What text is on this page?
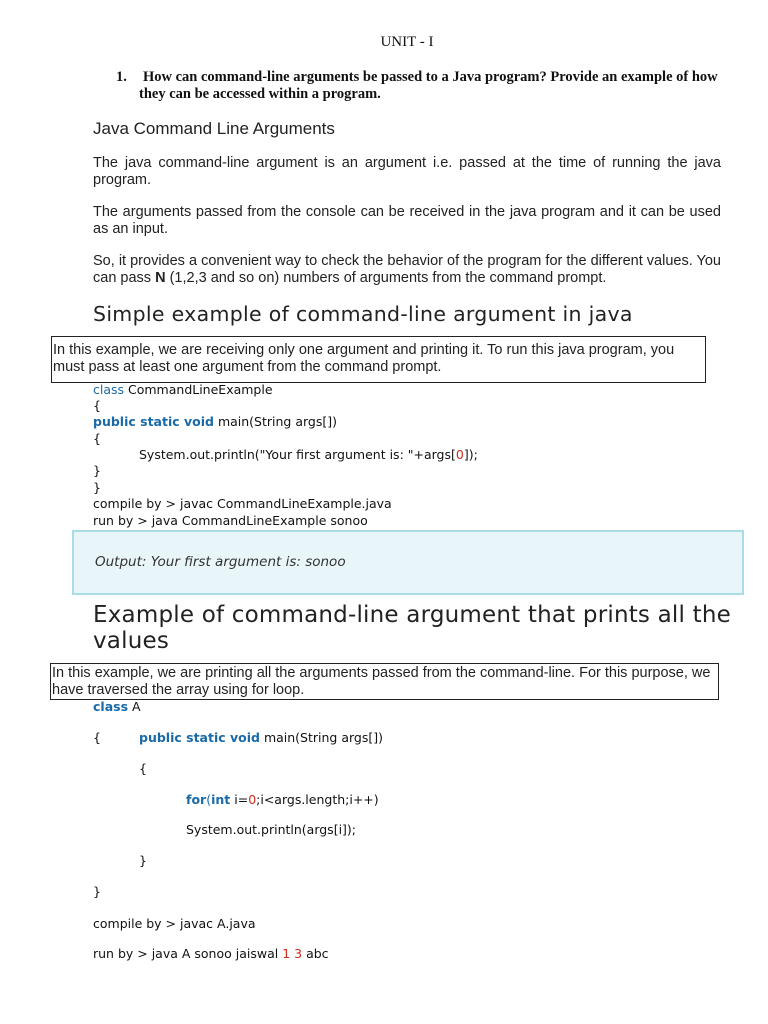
UNIT - I
1. How can command-line arguments be passed to a Java program? Provide an example of how they can be accessed within a program.
Java Command Line Arguments
The java command-line argument is an argument i.e. passed at the time of running the java program.
The arguments passed from the console can be received in the java program and it can be used as an input.
So, it provides a convenient way to check the behavior of the program for the different values. You can pass N (1,2,3 and so on) numbers of arguments from the command prompt.
Simple example of command-line argument in java
In this example, we are receiving only one argument and printing it. To run this java program, you must pass at least one argument from the command prompt.
class CommandLineExample
{
public static void main(String args[])
{
System.out.println("Your first argument is: "+args[0]);
}
}
compile by > javac CommandLineExample.java
run by > java CommandLineExample sonoo
Output: Your first argument is: sonoo
Example of command-line argument that prints all the values
In this example, we are printing all the arguments passed from the command-line. For this purpose, we have traversed the array using for loop.
class A
{	public static void main(String args[])
{
for(int i=0;i<args.length;i++)
System.out.println(args[i]);
}
}
compile by > javac A.java
run by > java A sonoo jaiswal 1 3 abc
